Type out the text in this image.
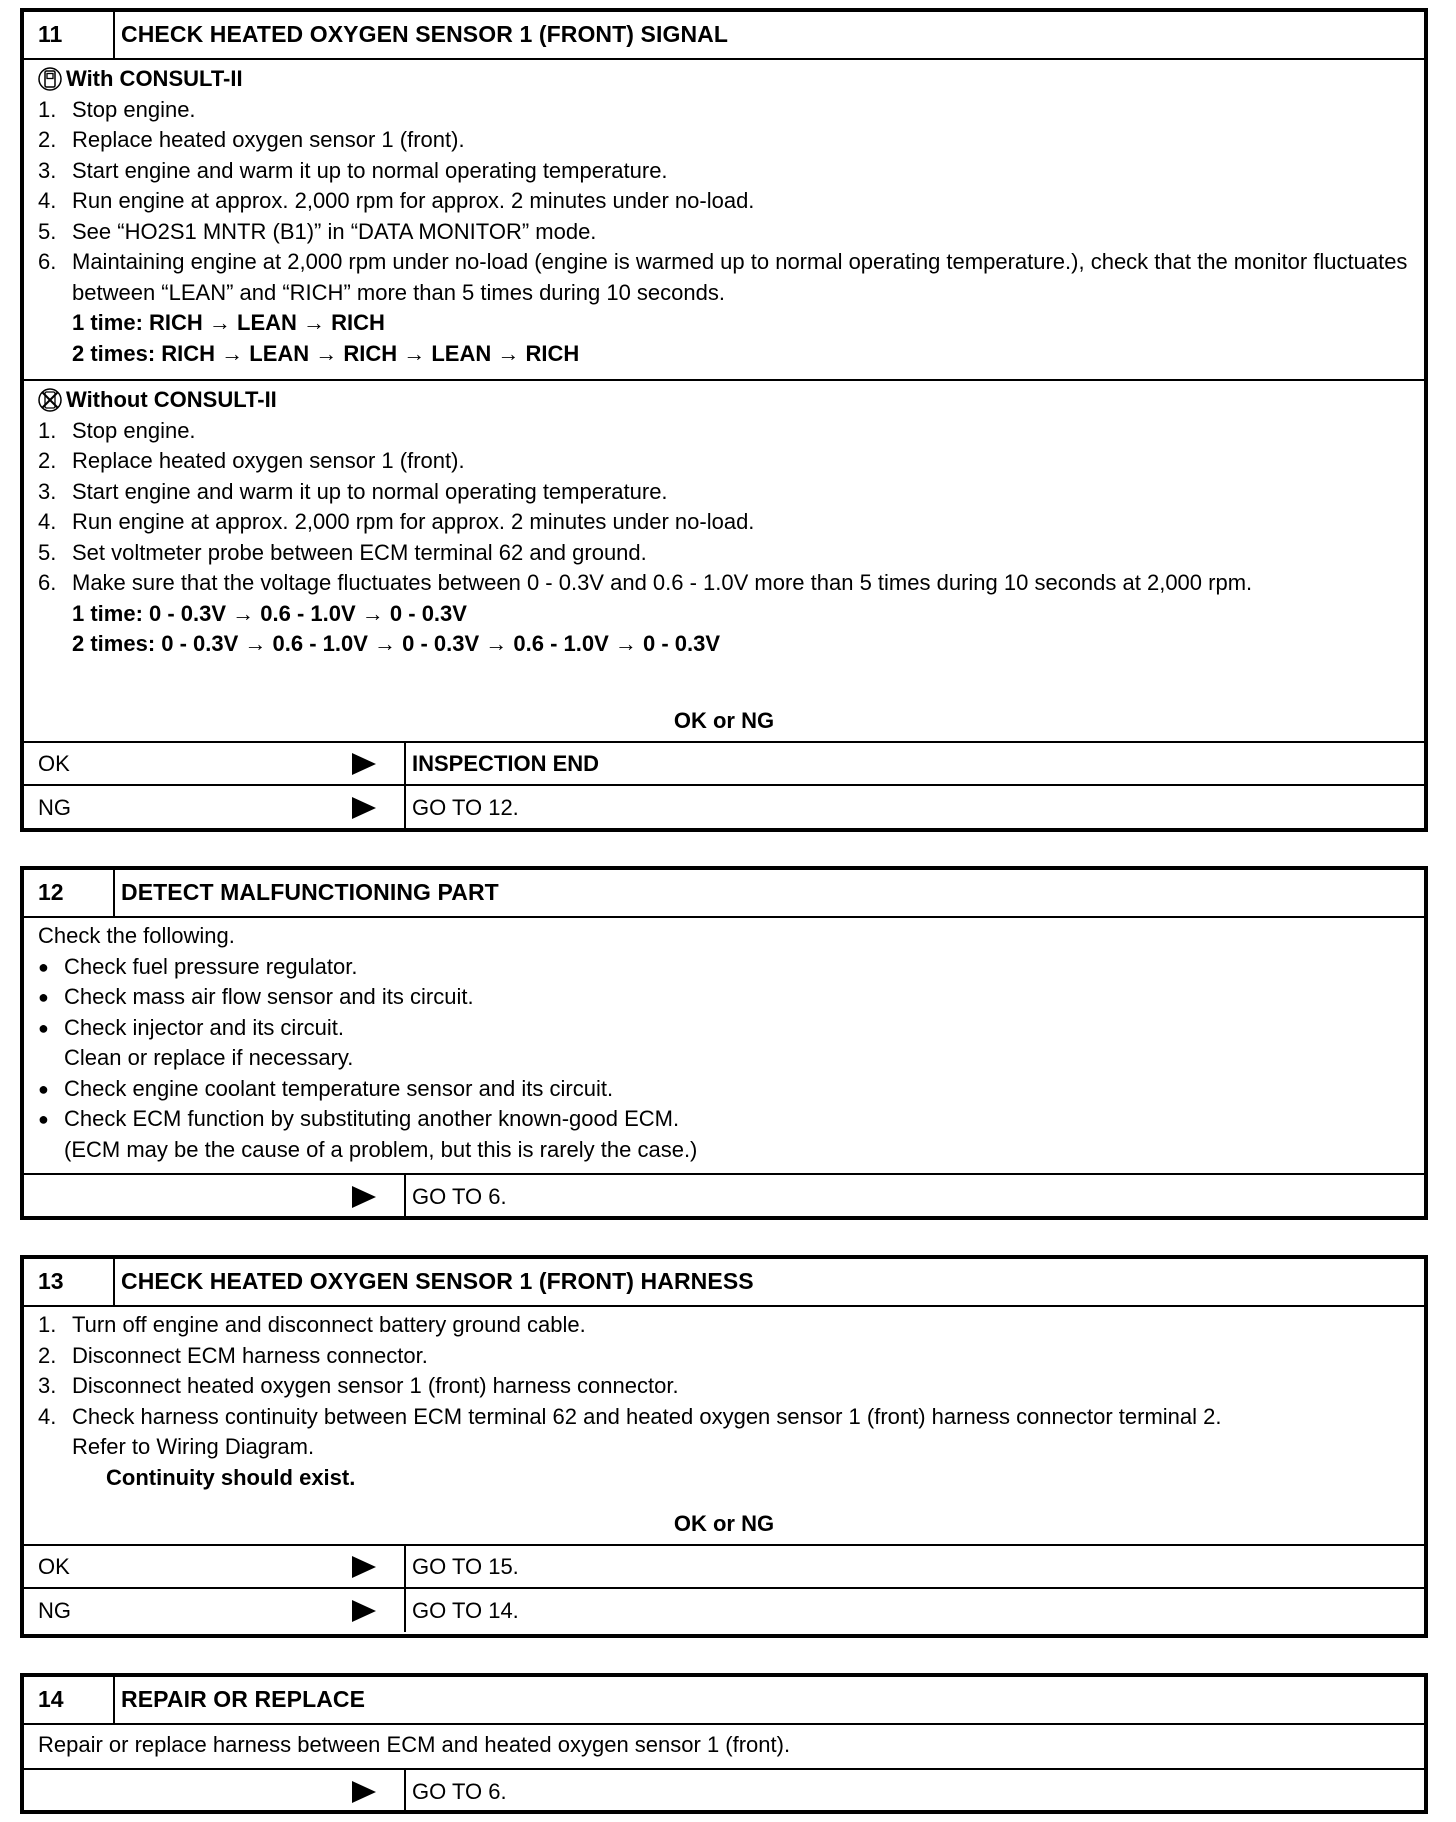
11	CHECK HEATED OXYGEN SENSOR 1 (FRONT) SIGNAL
With CONSULT-II
1. Stop engine.
2. Replace heated oxygen sensor 1 (front).
3. Start engine and warm it up to normal operating temperature.
4. Run engine at approx. 2,000 rpm for approx. 2 minutes under no-load.
5. See “HO2S1 MNTR (B1)” in “DATA MONITOR” mode.
6. Maintaining engine at 2,000 rpm under no-load (engine is warmed up to normal operating temperature.), check that the monitor fluctuates between “LEAN” and “RICH” more than 5 times during 10 seconds.
1 time: RICH → LEAN → RICH
2 times: RICH → LEAN → RICH → LEAN → RICH
Without CONSULT-II
1. Stop engine.
2. Replace heated oxygen sensor 1 (front).
3. Start engine and warm it up to normal operating temperature.
4. Run engine at approx. 2,000 rpm for approx. 2 minutes under no-load.
5. Set voltmeter probe between ECM terminal 62 and ground.
6. Make sure that the voltage fluctuates between 0 - 0.3V and 0.6 - 1.0V more than 5 times during 10 seconds at 2,000 rpm.
1 time: 0 - 0.3V → 0.6 - 1.0V → 0 - 0.3V
2 times: 0 - 0.3V → 0.6 - 1.0V → 0 - 0.3V → 0.6 - 1.0V → 0 - 0.3V
OK or NG
OK	INSPECTION END
NG	GO TO 12.
12	DETECT MALFUNCTIONING PART
Check the following.
● Check fuel pressure regulator.
● Check mass air flow sensor and its circuit.
● Check injector and its circuit.
Clean or replace if necessary.
● Check engine coolant temperature sensor and its circuit.
● Check ECM function by substituting another known-good ECM.
(ECM may be the cause of a problem, but this is rarely the case.)
GO TO 6.
13	CHECK HEATED OXYGEN SENSOR 1 (FRONT) HARNESS
1. Turn off engine and disconnect battery ground cable.
2. Disconnect ECM harness connector.
3. Disconnect heated oxygen sensor 1 (front) harness connector.
4. Check harness continuity between ECM terminal 62 and heated oxygen sensor 1 (front) harness connector terminal 2.
Refer to Wiring Diagram.
Continuity should exist.
OK or NG
OK	GO TO 15.
NG	GO TO 14.
14	REPAIR OR REPLACE
Repair or replace harness between ECM and heated oxygen sensor 1 (front).
GO TO 6.
